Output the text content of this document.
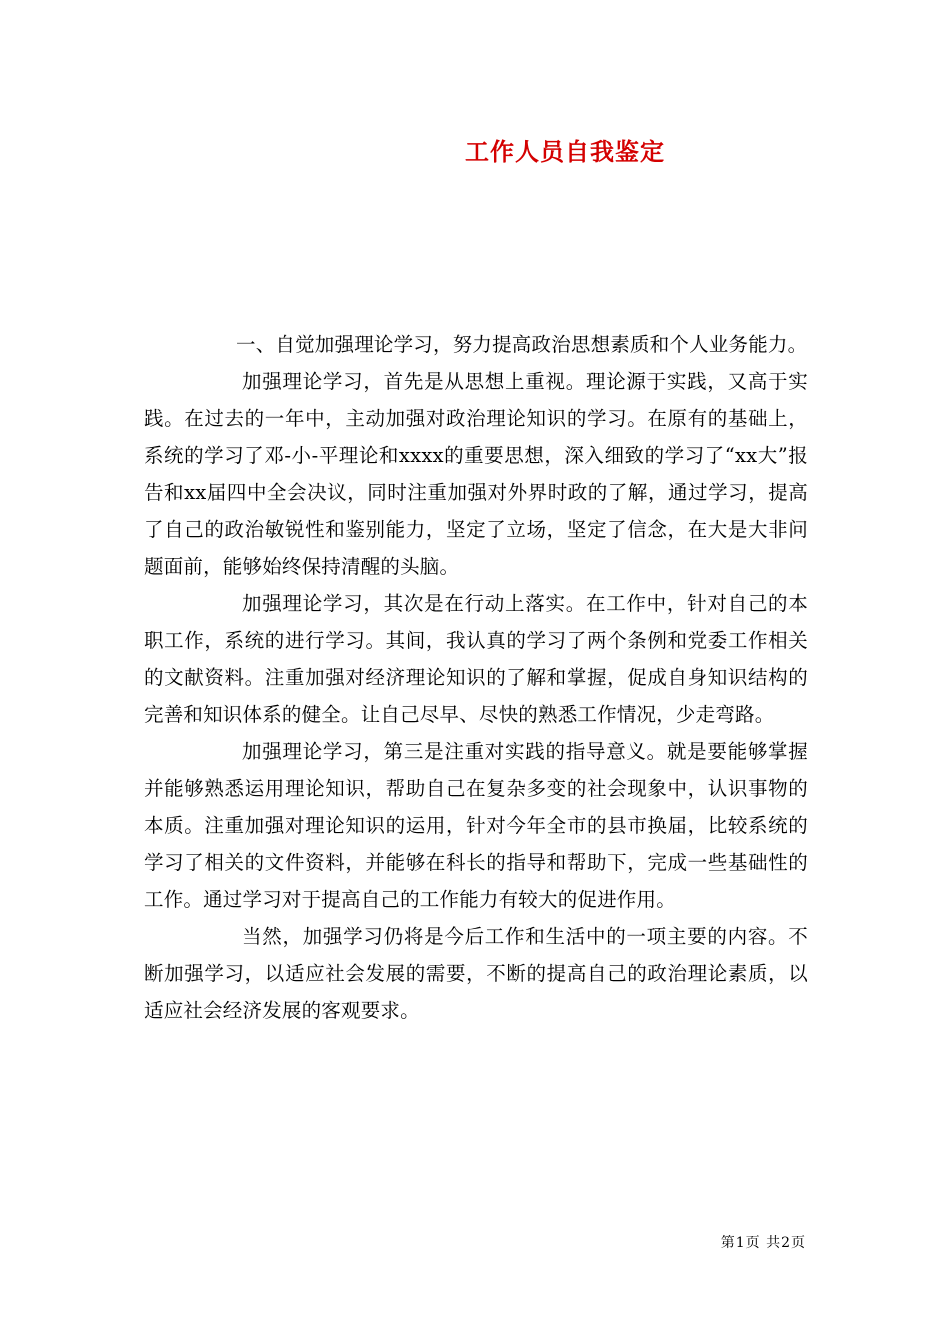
工作人员自我鉴定

一、自觉加强理论学习，努力提高政治思想素质和个人业务能力。

加强理论学习，首先是从思想上重视。理论源于实践，又高于实践。在过去的一年中，主动加强对政治理论知识的学习。在原有的基础上，系统的学习了邓-小-平理论和xxxx的重要思想，深入细致的学习了“xx大”报告和xx届四中全会决议，同时注重加强对外界时政的了解，通过学习，提高了自己的政治敏锐性和鉴别能力，坚定了立场，坚定了信念，在大是大非问题面前，能够始终保持清醒的头脑。

加强理论学习，其次是在行动上落实。在工作中，针对自己的本职工作，系统的进行学习。其间，我认真的学习了两个条例和党委工作相关的文献资料。注重加强对经济理论知识的了解和掌握，促成自身知识结构的完善和知识体系的健全。让自己尽早、尽快的熟悉工作情况，少走弯路。

加强理论学习，第三是注重对实践的指导意义。就是要能够掌握并能够熟悉运用理论知识，帮助自己在复杂多变的社会现象中，认识事物的本质。注重加强对理论知识的运用，针对今年全市的县市换届，比较系统的学习了相关的文件资料，并能够在科长的指导和帮助下，完成一些基础性的工作。通过学习对于提高自己的工作能力有较大的促进作用。

当然，加强学习仍将是今后工作和生活中的一项主要的内容。不断加强学习，以适应社会发展的需要，不断的提高自己的政治理论素质，以适应社会经济发展的客观要求。

第1页 共2页
